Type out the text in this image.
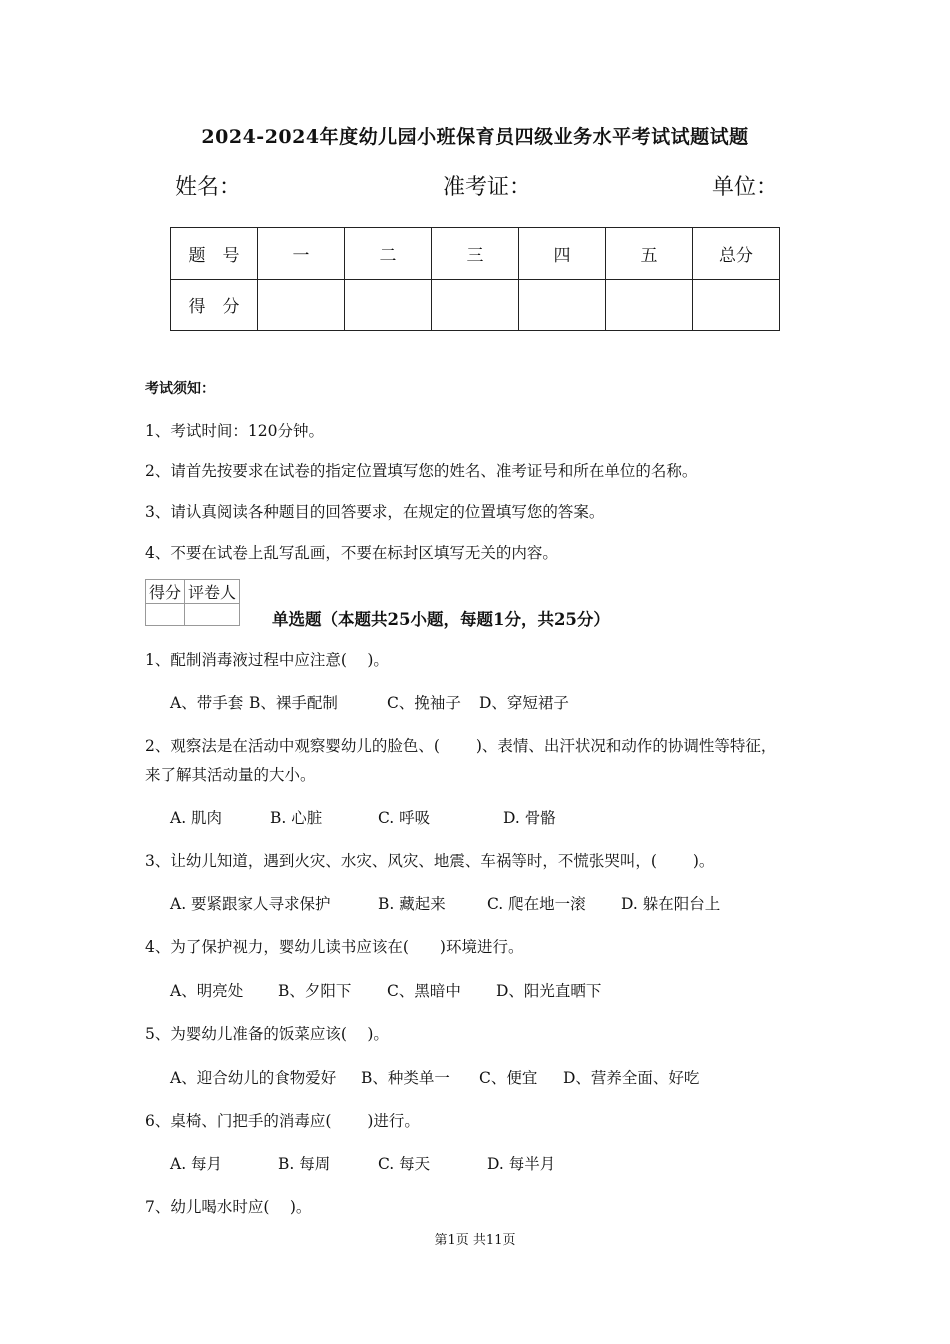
2024-2024年度幼儿园小班保育员四级业务水平考试试题试题
姓名：	准考证：	单位：
题　号	一	二	三	四	五	总分
得　分						
考试须知：
1、考试时间：120分钟。
2、请首先按要求在试卷的指定位置填写您的姓名、准考证号和所在单位的名称。
3、请认真阅读各种题目的回答要求，在规定的位置填写您的答案。
4、不要在试卷上乱写乱画，不要在标封区填写无关的内容。
得分	评卷人

单选题（本题共25小题，每题1分，共25分）
1、配制消毒液过程中应注意(　 )。
A、带手套 B、裸手配制	C、挽袖子 D、穿短裙子
2、观察法是在活动中观察婴幼儿的脸色、(　　 )、表情、出汗状况和动作的协调性等特征，
来了解其活动量的大小。
A. 肌肉	B. 心脏	C. 呼吸	D. 骨骼
3、让幼儿知道，遇到火灾、水灾、风灾、地震、车祸等时，不慌张哭叫，(　　 )。
A. 要紧跟家人寻求保护	B. 藏起来	C. 爬在地一滚 D. 躲在阳台上
4、为了保护视力，婴幼儿读书应该在(　　)环境进行。
A、明亮处 B、夕阳下 C、黑暗中 D、阳光直晒下
5、为婴幼儿准备的饭菜应该(　 )。
A、迎合幼儿的食物爱好 B、种类单一 C、便宜 D、营养全面、好吃
6、桌椅、门把手的消毒应(　　 )进行。
A. 每月	B. 每周	C. 每天	D. 每半月
7、幼儿喝水时应(　 )。
第1页 共11页
